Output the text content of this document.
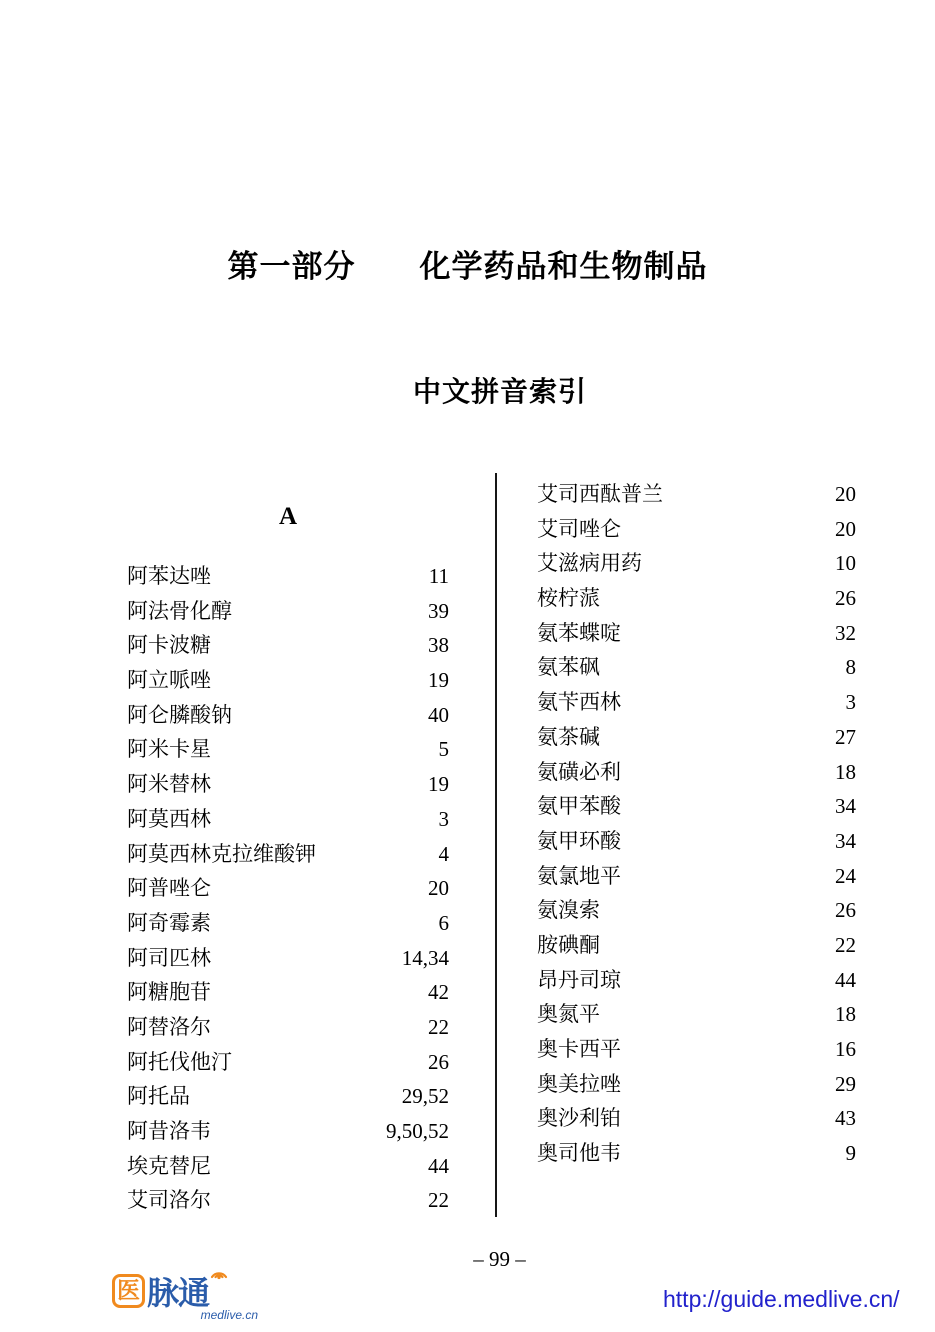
第一部分　　化学药品和生物制品
中文拼音索引
A
阿苯达唑	11
阿法骨化醇	39
阿卡波糖	38
阿立哌唑	19
阿仑膦酸钠	40
阿米卡星	5
阿米替林	19
阿莫西林	3
阿莫西林克拉维酸钾	4
阿普唑仑	20
阿奇霉素	6
阿司匹林	14,34
阿糖胞苷	42
阿替洛尔	22
阿托伐他汀	26
阿托品	29,52
阿昔洛韦	9,50,52
埃克替尼	44
艾司洛尔	22
艾司西酞普兰	20
艾司唑仑	20
艾滋病用药	10
桉柠蒎	26
氨苯蝶啶	32
氨苯砜	8
氨苄西林	3
氨茶碱	27
氨磺必利	18
氨甲苯酸	34
氨甲环酸	34
氨氯地平	24
氨溴索	26
胺碘酮	22
昂丹司琼	44
奥氮平	18
奥卡西平	16
奥美拉唑	29
奥沙利铂	43
奥司他韦	9
– 99 –
医 脉通
medlive.cn
http://guide.medlive.cn/
